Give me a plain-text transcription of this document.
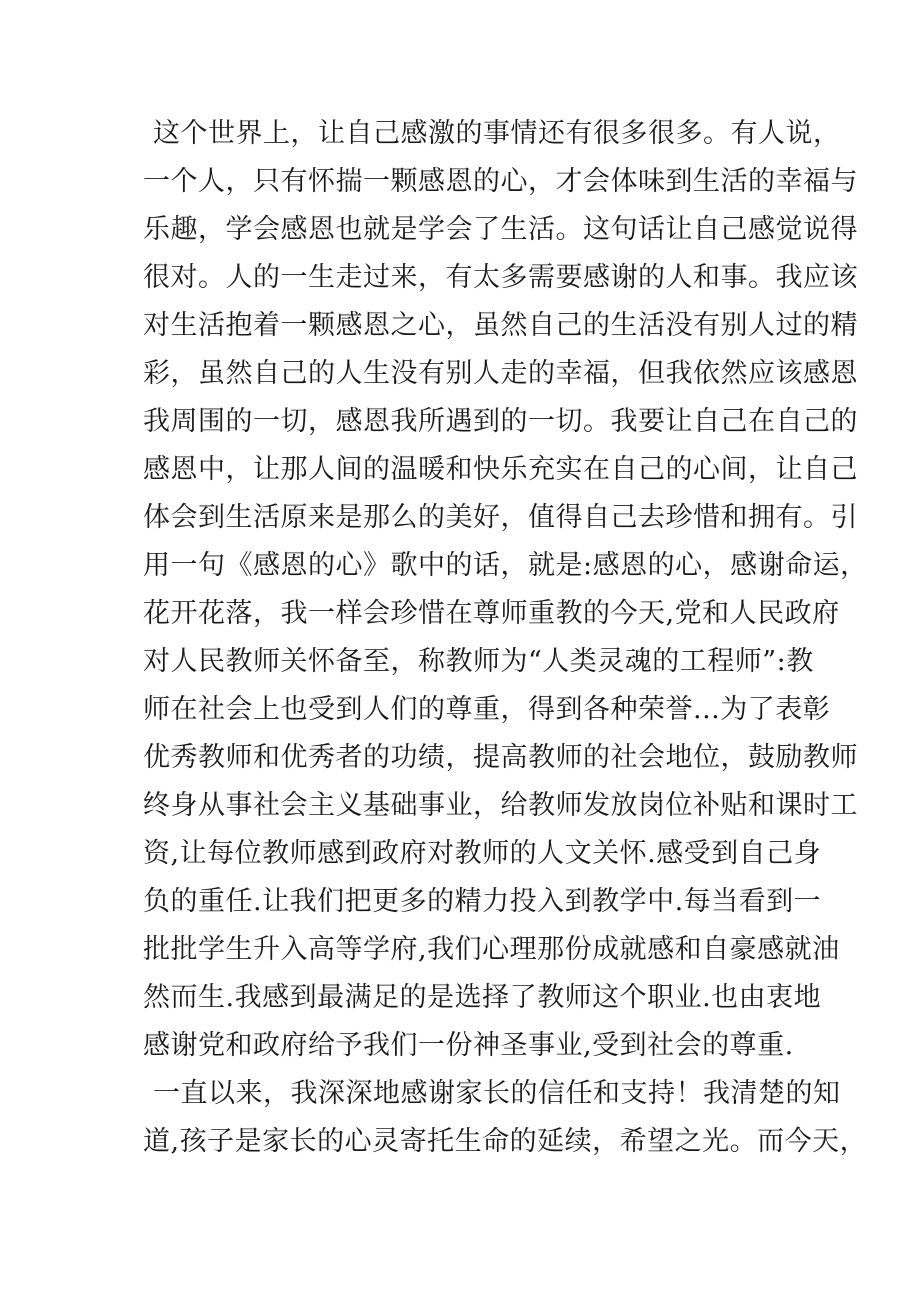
这个世界上，让自己感激的事情还有很多很多。有人说，
一个人，只有怀揣一颗感恩的心，才会体味到生活的幸福与
乐趣，学会感恩也就是学会了生活。这句话让自己感觉说得
很对。人的一生走过来，有太多需要感谢的人和事。我应该
对生活抱着一颗感恩之心，虽然自己的生活没有别人过的精
彩，虽然自己的人生没有别人走的幸福，但我依然应该感恩
我周围的一切，感恩我所遇到的一切。我要让自己在自己的
感恩中，让那人间的温暖和快乐充实在自己的心间，让自己
体会到生活原来是那么的美好，值得自己去珍惜和拥有。引
用一句《感恩的心》歌中的话，就是:感恩的心，感谢命运，
花开花落，我一样会珍惜在尊师重教的今天,党和人民政府
对人民教师关怀备至，称教师为“人类灵魂的工程师”:教
师在社会上也受到人们的尊重，得到各种荣誉...为了表彰
优秀教师和优秀者的功绩，提高教师的社会地位，鼓励教师
终身从事社会主义基础事业，给教师发放岗位补贴和课时工
资,让每位教师感到政府对教师的人文关怀.感受到自己身
负的重任.让我们把更多的精力投入到教学中.每当看到一
批批学生升入高等学府,我们心理那份成就感和自豪感就油
然而生.我感到最满足的是选择了教师这个职业.也由衷地
感谢党和政府给予我们一份神圣事业,受到社会的尊重.
一直以来，我深深地感谢家长的信任和支持！我清楚的知
道,孩子是家长的心灵寄托生命的延续，希望之光。而今天，
